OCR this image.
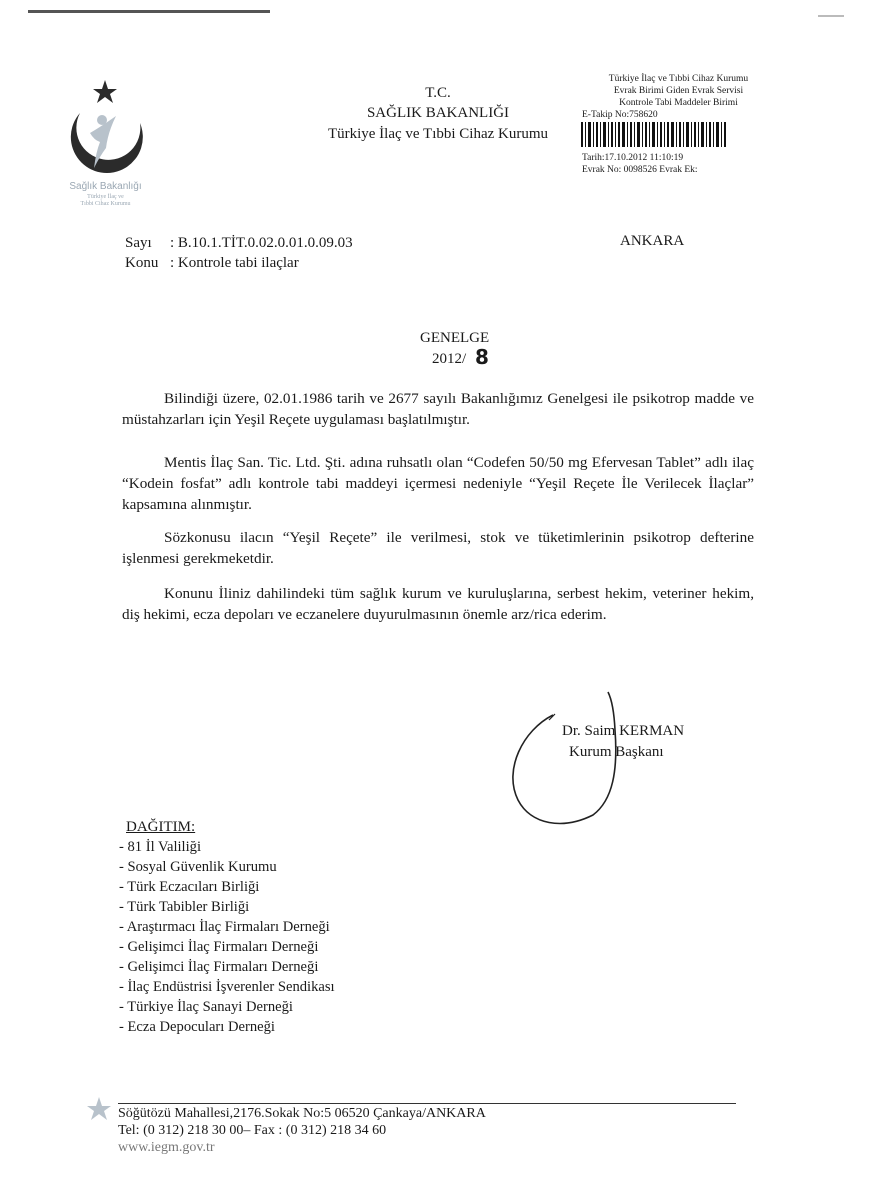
Sağlık Bakanlığı
Türkiye İlaç ve
Tıbbi Cihaz Kurumu
T.C.
SAĞLIK BAKANLIĞI
Türkiye İlaç ve Tıbbi Cihaz Kurumu
Türkiye İlaç ve Tıbbi Cihaz Kurumu
Evrak Birimi Giden Evrak Servisi
Kontrole Tabi Maddeler Birimi
E-Takip No:758620
Tarih:17.10.2012 11:10:19
Evrak No: 0098526 Evrak Ek:
Sayı : B.10.1.TİT.0.02.0.01.0.09.03
Konu : Kontrole tabi ilaçlar
ANKARA
GENELGE
2012/ 8
Bilindiği üzere, 02.01.1986 tarih ve 2677 sayılı Bakanlığımız Genelgesi ile psikotrop madde ve müstahzarları için Yeşil Reçete uygulaması başlatılmıştır.
Mentis İlaç San. Tic. Ltd. Şti. adına ruhsatlı olan “Codefen 50/50 mg Efervesan Tablet” adlı ilaç “Kodein fosfat” adlı kontrole tabi maddeyi içermesi nedeniyle “Yeşil Reçete İle Verilecek İlaçlar” kapsamına alınmıştır.
Sözkonusu ilacın “Yeşil Reçete” ile verilmesi, stok ve tüketimlerinin psikotrop defterine işlenmesi gerekmeketdir.
Konunu İliniz dahilindeki tüm sağlık kurum ve kuruluşlarına, serbest hekim, veteriner hekim, diş hekimi, ecza depoları ve eczanelere duyurulmasının önemle arz/rica ederim.
Dr. Saim KERMAN
Kurum Başkanı
DAĞITIM:
- 81 İl Valiliği
- Sosyal Güvenlik Kurumu
- Türk Eczacıları Birliği
- Türk Tabibler Birliği
- Araştırmacı İlaç Firmaları Derneği
- Gelişimci İlaç Firmaları Derneği
- Gelişimci İlaç Firmaları Derneği
- İlaç Endüstrisi İşverenler Sendikası
- Türkiye İlaç Sanayi Derneği
- Ecza Depocuları Derneği
Söğütözü Mahallesi,2176.Sokak No:5 06520 Çankaya/ANKARA
Tel: (0 312) 218 30 00– Fax : (0 312) 218 34 60
www.iegm.gov.tr
